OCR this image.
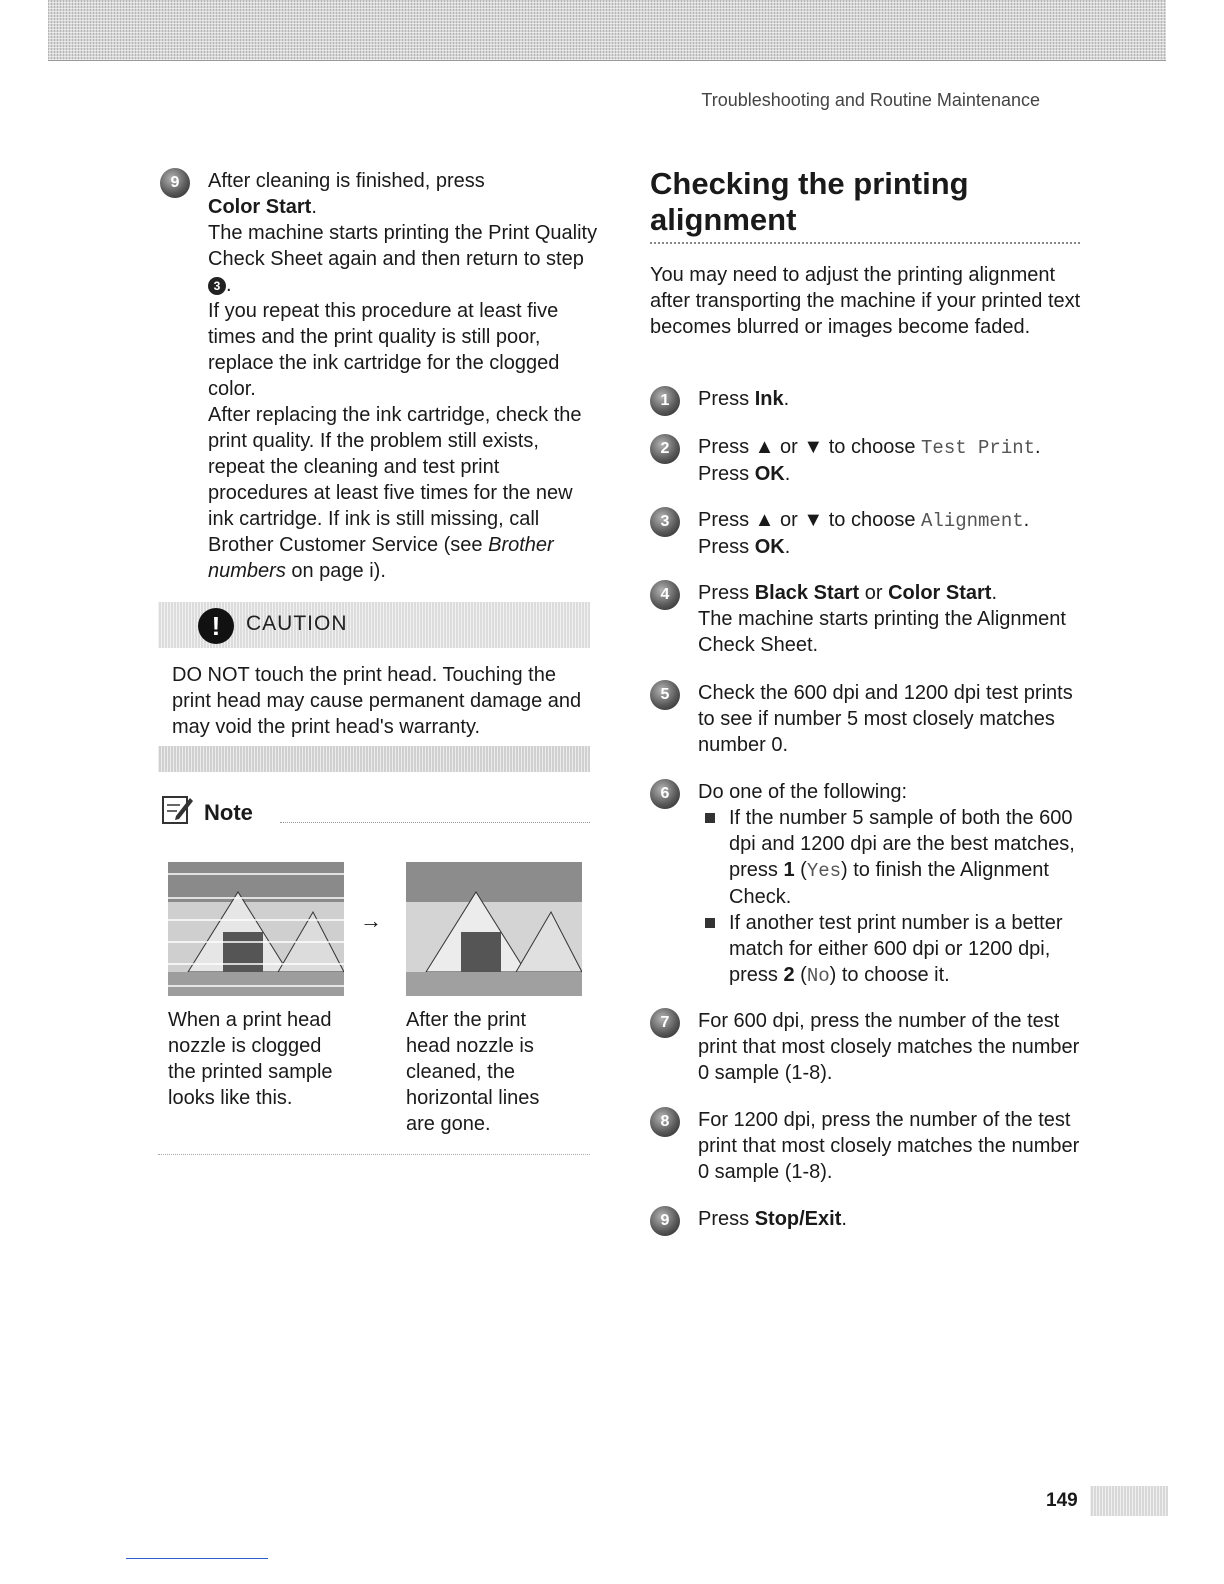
Troubleshooting and Routine Maintenance
9	After cleaning is finished, press
Color Start.

The machine starts printing the Print Quality Check Sheet again and then return to step 3 .

If you repeat this procedure at least five times and the print quality is still poor, replace the ink cartridge for the clogged color.

After replacing the ink cartridge, check the print quality. If the problem still exists, repeat the cleaning and test print procedures at least five times for the new ink cartridge. If ink is still missing, call Brother Customer Service (see Brother numbers on page i).

!	CAUTION
DO NOT touch the print head. Touching the print head may cause permanent damage and may void the print head's warranty.
Note
→
When a print head nozzle is clogged the printed sample looks like this.
After the print head nozzle is cleaned, the horizontal lines are gone.
Checking the printing alignment
You may need to adjust the printing alignment after transporting the machine if your printed text becomes blurred or images become faded.
1	Press Ink.
2	Press ▲ or ▼ to choose Test Print.
Press OK.
3	Press ▲ or ▼ to choose Alignment.
Press OK.
4	Press Black Start or Color Start.
The machine starts printing the Alignment Check Sheet.
5	Check the 600 dpi and 1200 dpi test prints to see if number 5 most closely matches number 0.
6	Do one of the following:
If the number 5 sample of both the 600 dpi and 1200 dpi are the best matches, press 1 (Yes) to finish the Alignment Check.
If another test print number is a better match for either 600 dpi or 1200 dpi, press 2 (No) to choose it.
7	For 600 dpi, press the number of the test print that most closely matches the number 0 sample (1-8).
8	For 1200 dpi, press the number of the test print that most closely matches the number 0 sample (1-8).
9	Press Stop/Exit.
149
